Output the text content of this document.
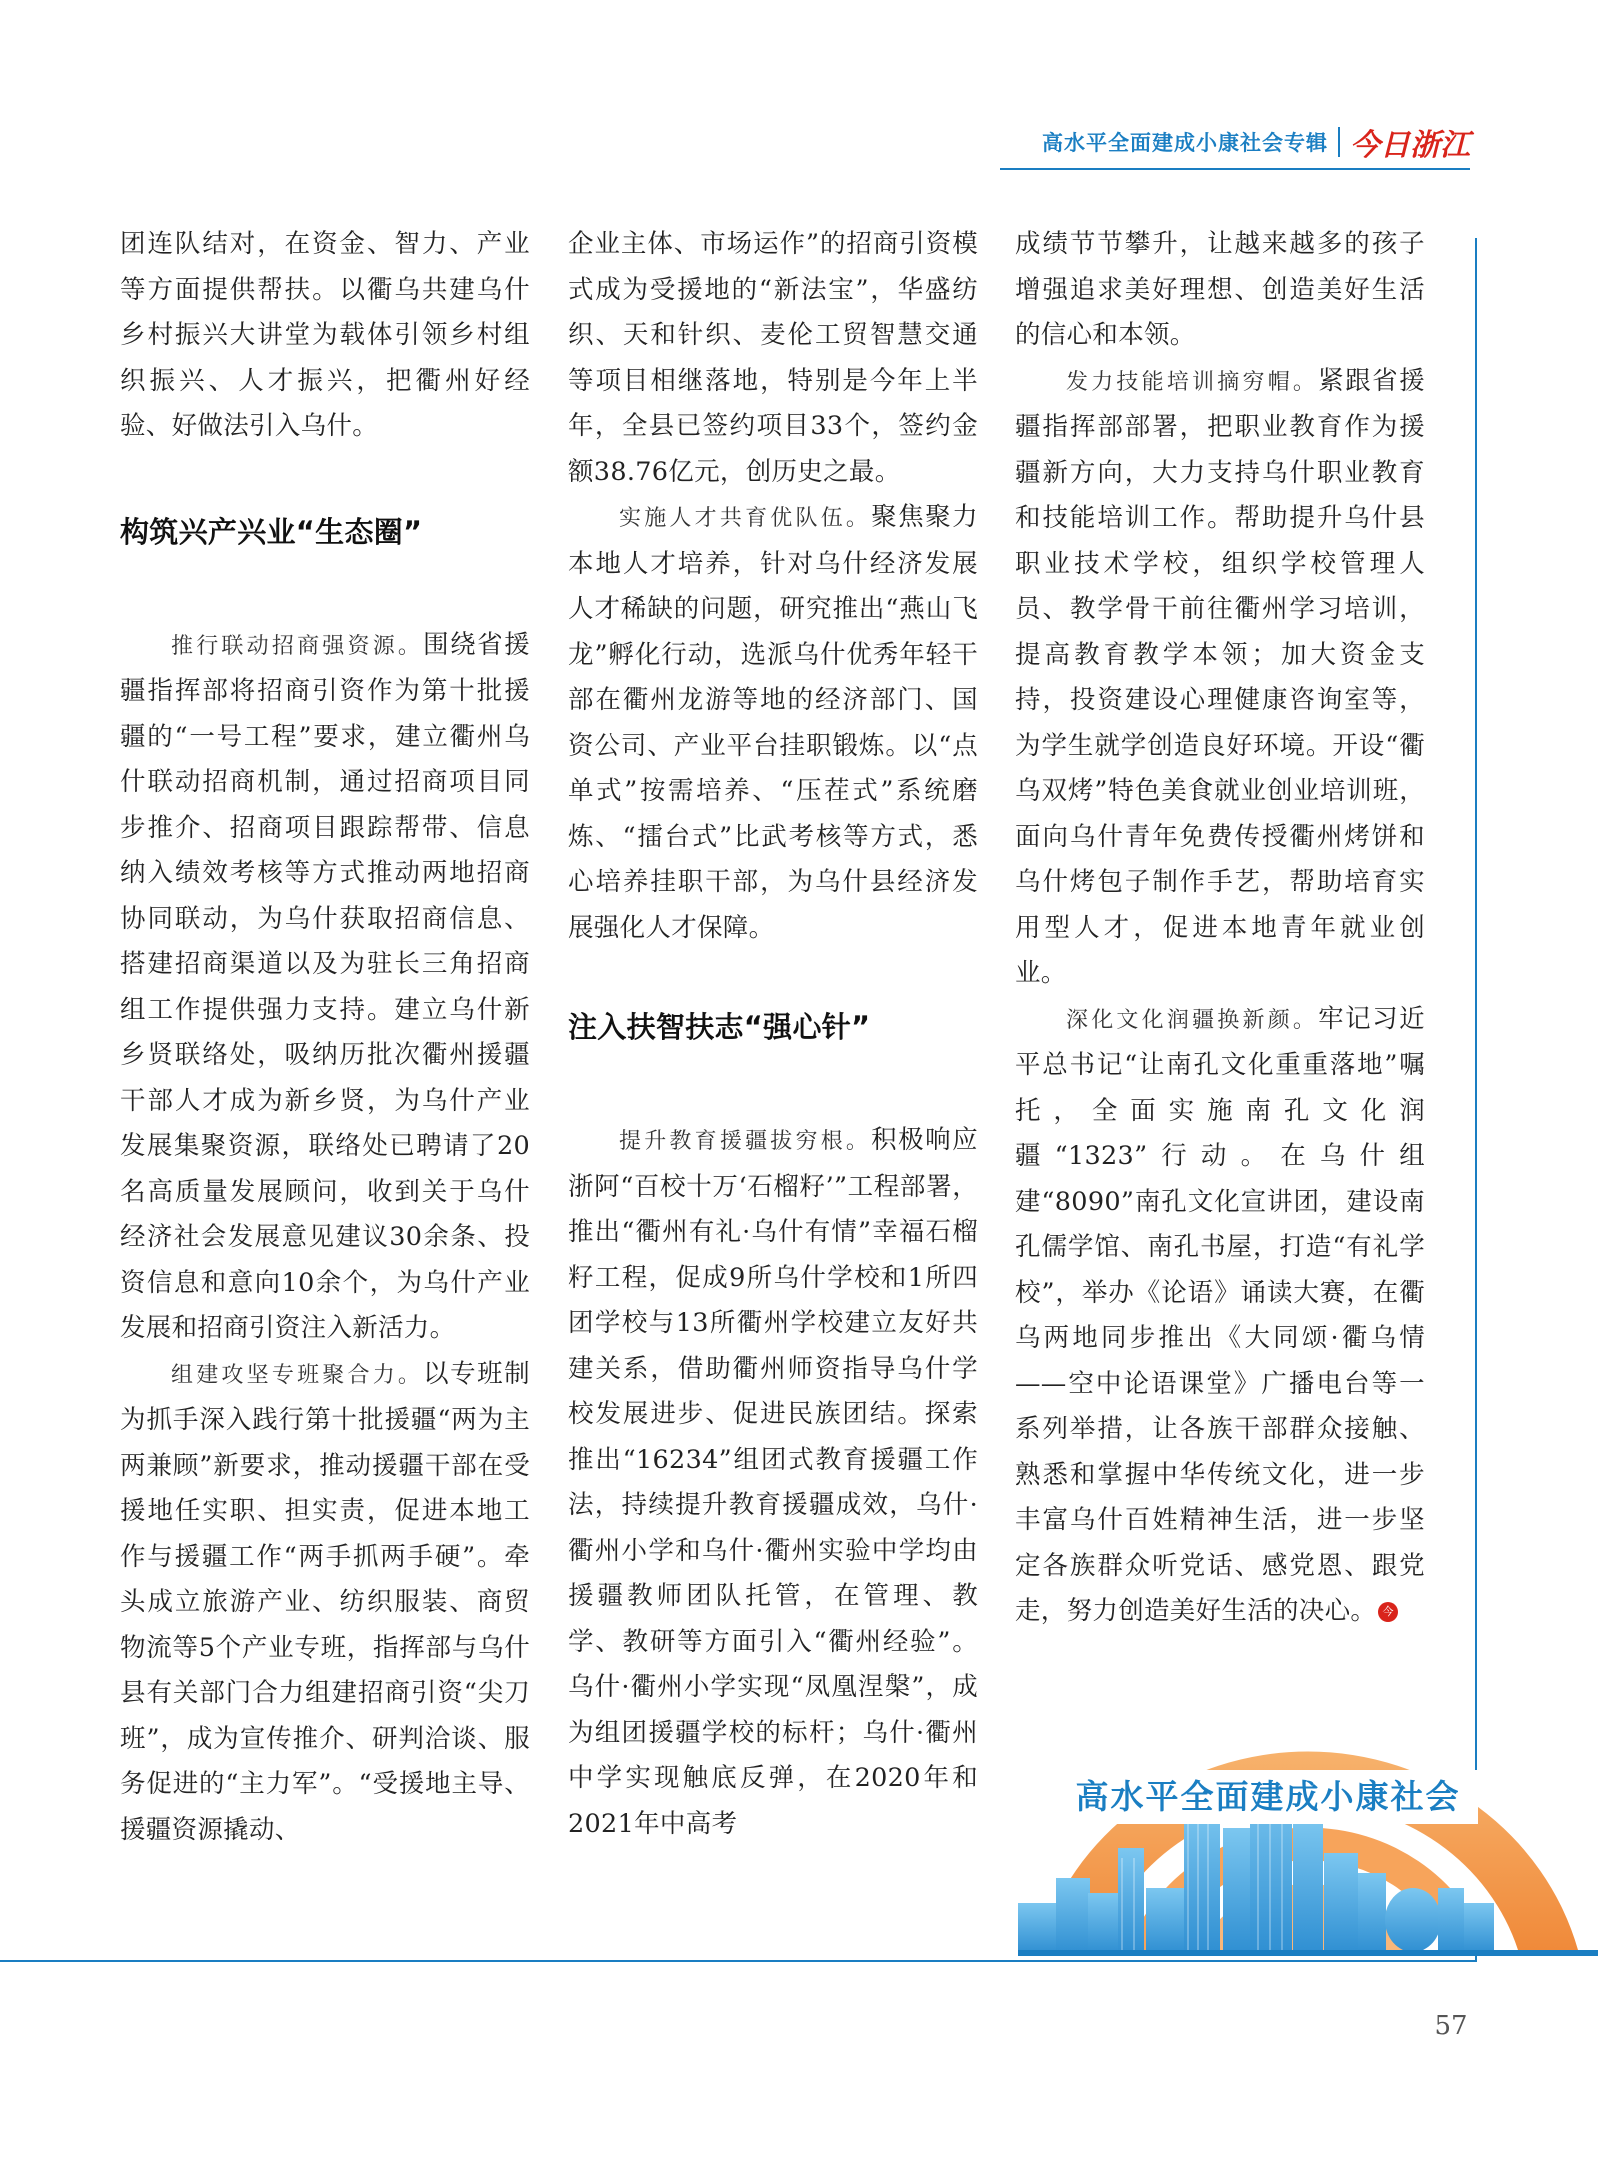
高水平全面建成小康社会专辑 今日浙江

团连队结对，在资金、智力、产业等方面提供帮扶。以衢乌共建乌什乡村振兴大讲堂为载体引领乡村组织振兴、人才振兴，把衢州好经验、好做法引入乌什。

构筑兴产兴业“生态圈”

推行联动招商强资源。围绕省援疆指挥部将招商引资作为第十批援疆的“一号工程”要求，建立衢州乌什联动招商机制，通过招商项目同步推介、招商项目跟踪帮带、信息纳入绩效考核等方式推动两地招商协同联动，为乌什获取招商信息、搭建招商渠道以及为驻长三角招商组工作提供强力支持。建立乌什新乡贤联络处，吸纳历批次衢州援疆干部人才成为新乡贤，为乌什产业发展集聚资源，联络处已聘请了20名高质量发展顾问，收到关于乌什经济社会发展意见建议30余条、投资信息和意向10余个，为乌什产业发展和招商引资注入新活力。

组建攻坚专班聚合力。以专班制为抓手深入践行第十批援疆“两为主两兼顾”新要求，推动援疆干部在受援地任实职、担实责，促进本地工作与援疆工作“两手抓两手硬”。牵头成立旅游产业、纺织服装、商贸物流等5个产业专班，指挥部与乌什县有关部门合力组建招商引资“尖刀班”，成为宣传推介、研判洽谈、服务促进的“主力军”。“受援地主导、援疆资源撬动、

企业主体、市场运作”的招商引资模式成为受援地的“新法宝”，华盛纺织、天和针织、麦伦工贸智慧交通等项目相继落地，特别是今年上半年，全县已签约项目33个，签约金额38.76亿元，创历史之最。

实施人才共育优队伍。聚焦聚力本地人才培养，针对乌什经济发展人才稀缺的问题，研究推出“燕山飞龙”孵化行动，选派乌什优秀年轻干部在衢州龙游等地的经济部门、国资公司、产业平台挂职锻炼。以“点单式”按需培养、“压茬式”系统磨炼、“擂台式”比武考核等方式，悉心培养挂职干部，为乌什县经济发展强化人才保障。

注入扶智扶志“强心针”

提升教育援疆拔穷根。积极响应浙阿“百校十万‘石榴籽’”工程部署，推出“衢州有礼·乌什有情”幸福石榴籽工程，促成9所乌什学校和1所四团学校与13所衢州学校建立友好共建关系，借助衢州师资指导乌什学校发展进步、促进民族团结。探索推出“16234”组团式教育援疆工作法，持续提升教育援疆成效，乌什·衢州小学和乌什·衢州实验中学均由援疆教师团队托管，在管理、教学、教研等方面引入“衢州经验”。乌什·衢州小学实现“凤凰涅槃”，成为组团援疆学校的标杆；乌什·衢州中学实现触底反弹，在2020年和2021年中高考

成绩节节攀升，让越来越多的孩子增强追求美好理想、创造美好生活的信心和本领。

发力技能培训摘穷帽。紧跟省援疆指挥部部署，把职业教育作为援疆新方向，大力支持乌什职业教育和技能培训工作。帮助提升乌什县职业技术学校，组织学校管理人员、教学骨干前往衢州学习培训，提高教育教学本领；加大资金支持，投资建设心理健康咨询室等，为学生就学创造良好环境。开设“衢乌双烤”特色美食就业创业培训班，面向乌什青年免费传授衢州烤饼和乌什烤包子制作手艺，帮助培育实用型人才，促进本地青年就业创业。

深化文化润疆换新颜。牢记习近平总书记“让南孔文化重重落地”嘱托，全面实施南孔文化润疆“1323”行动。在乌什组建“8090”南孔文化宣讲团，建设南孔儒学馆、南孔书屋，打造“有礼学校”，举办《论语》诵读大赛，在衢乌两地同步推出《大同颂·衢乌情——空中论语课堂》广播电台等一系列举措，让各族干部群众接触、熟悉和掌握中华传统文化，进一步丰富乌什百姓精神生活，进一步坚定各族群众听党话、感党恩、跟党走，努力创造美好生活的决心。 今

高水平全面建成小康社会
57
